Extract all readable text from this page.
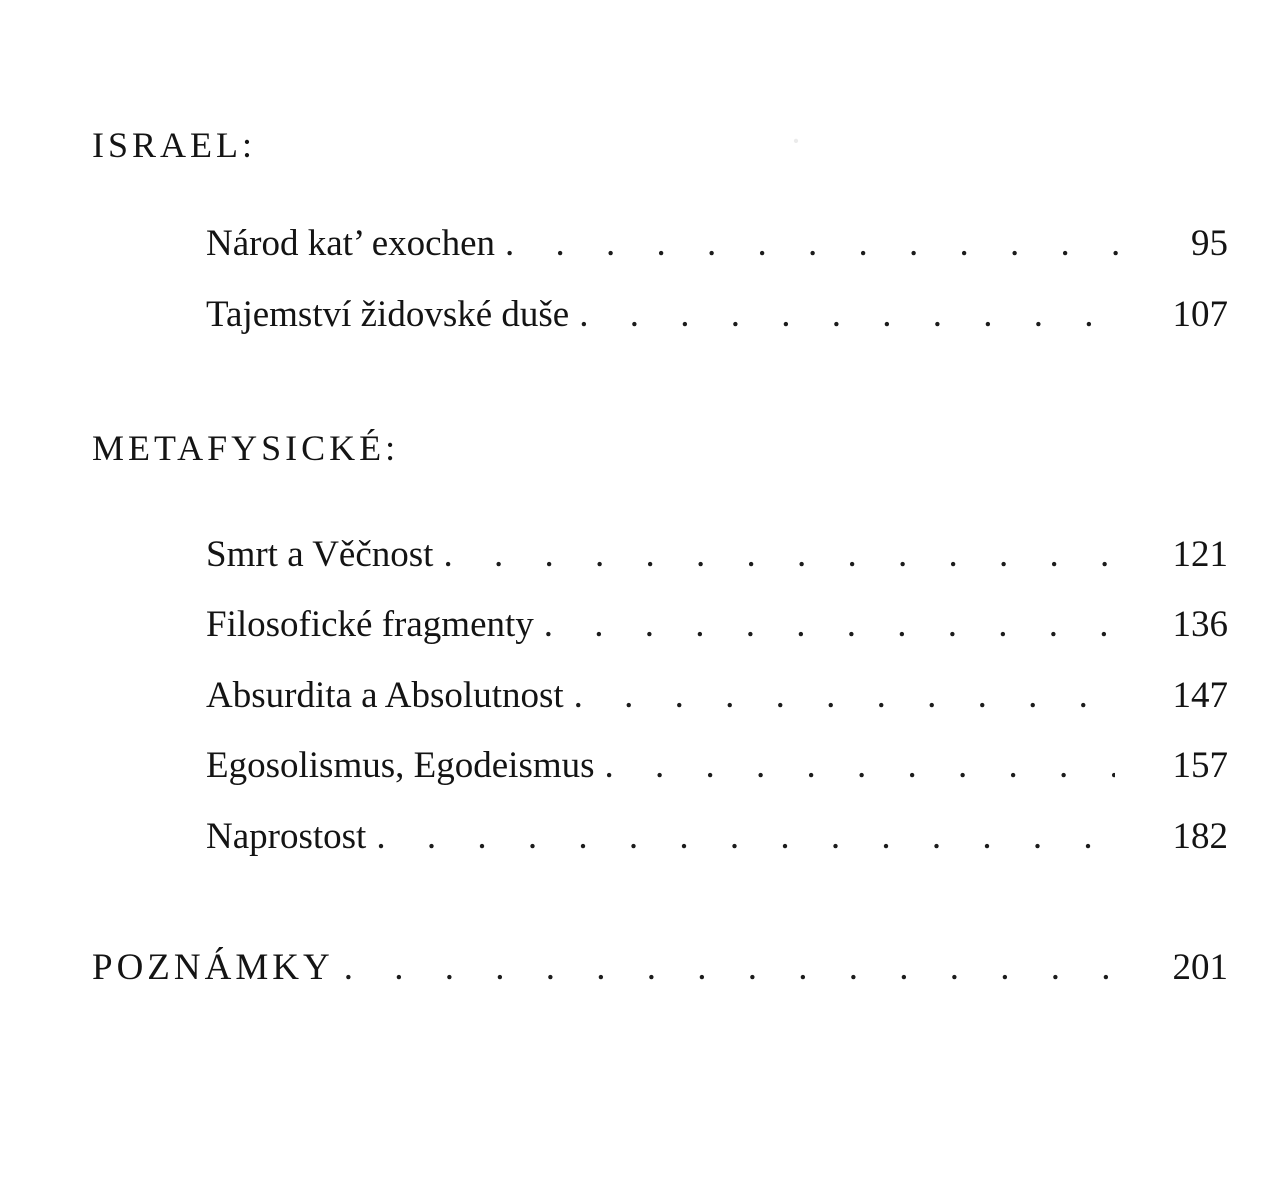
·
ISRAEL:
Národ kat’ exochen . . .	95
Tajemství židovské duše . . .	107
METAFYSICKÉ:
Smrt a Věčnost . . .	121
Filosofické fragmenty . . .	136
Absurdita a Absolutnost . . .	147
Egosolismus, Egodeismus . . .	157
Naprostost . . .	182
POZNÁMKY . . .	201
